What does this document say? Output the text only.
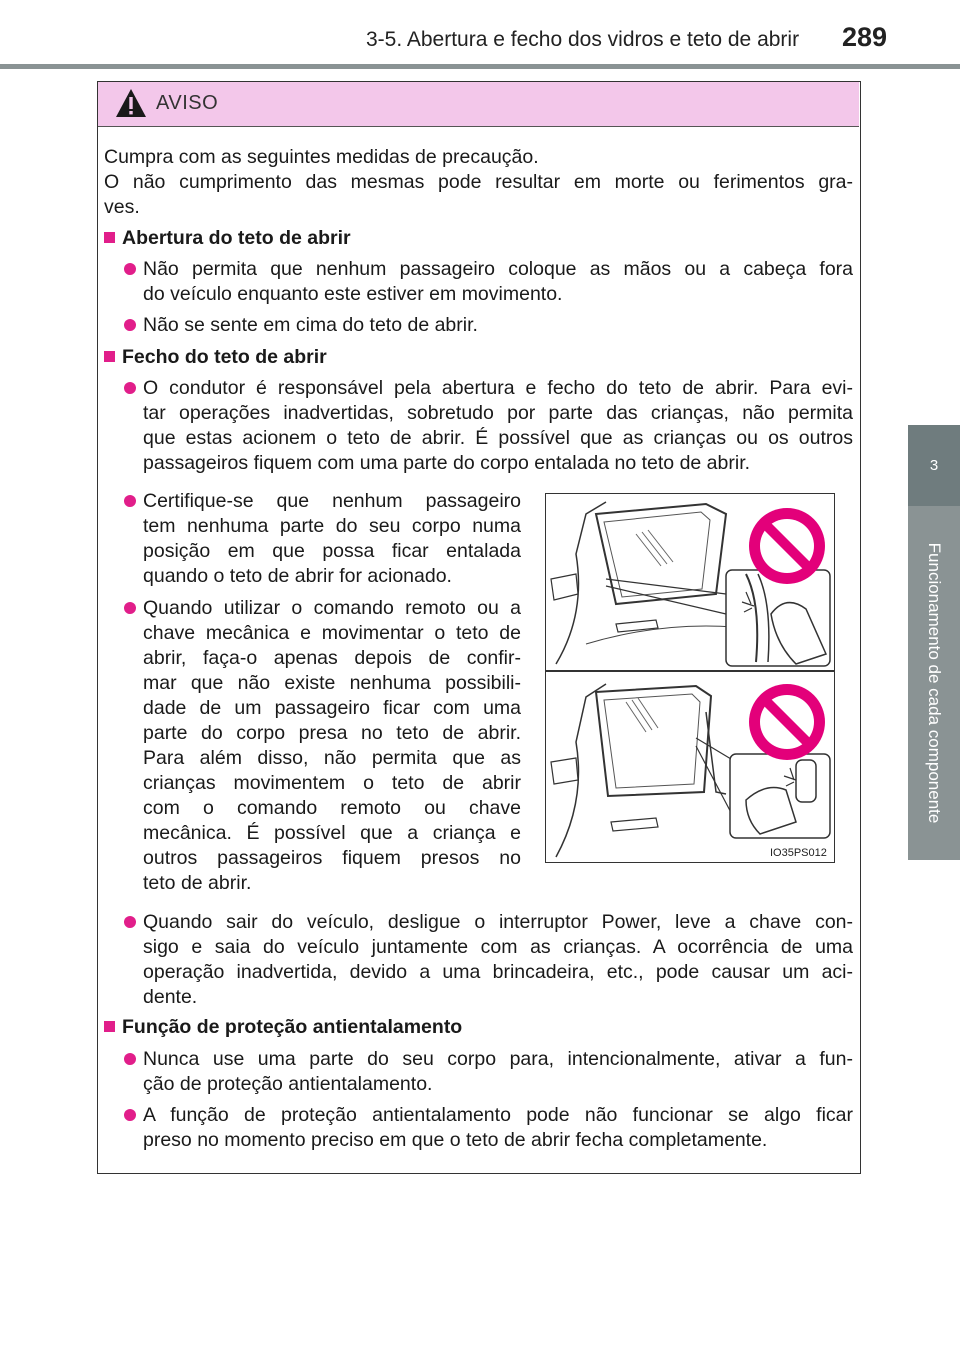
3-5. Abertura e fecho dos vidros e teto de abrir 289
3
Funcionamento de cada componente
AVISO
Cumpra com as seguintes medidas de precaução.
O não cumprimento das mesmas pode resultar em morte ou ferimentos gra-
ves.
Abertura do teto de abrir
Não permita que nenhum passageiro coloque as mãos ou a cabeça fora
do veículo enquanto este estiver em movimento.
Não se sente em cima do teto de abrir.
Fecho do teto de abrir
O condutor é responsável pela abertura e fecho do teto de abrir. Para evi-
tar operações inadvertidas, sobretudo por parte das crianças, não permita
que estas acionem o teto de abrir. É possível que as crianças ou os outros
passageiros fiquem com uma parte do corpo entalada no teto de abrir.
Certifique-se que nenhum passageiro
tem nenhuma parte do seu corpo numa
posição em que possa ficar entalada
quando o teto de abrir for acionado.
Quando utilizar o comando remoto ou a
chave mecânica e movimentar o teto de
abrir, faça-o apenas depois de confir-
mar que não existe nenhuma possibili-
dade de um passageiro ficar com uma
parte do corpo presa no teto de abrir.
Para além disso, não permita que as
crianças movimentem o teto de abrir
com o comando remoto ou chave
mecânica. É possível que a criança e
outros passageiros fiquem presos no
teto de abrir.
IO35PS012
Quando sair do veículo, desligue o interruptor Power, leve a chave con-
sigo e saia do veículo juntamente com as crianças. A ocorrência de uma
operação inadvertida, devido a uma brincadeira, etc., pode causar um aci-
dente.
Função de proteção antientalamento
Nunca use uma parte do seu corpo para, intencionalmente, ativar a fun-
ção de proteção antientalamento.
A função de proteção antientalamento pode não funcionar se algo ficar
preso no momento preciso em que o teto de abrir fecha completamente.
